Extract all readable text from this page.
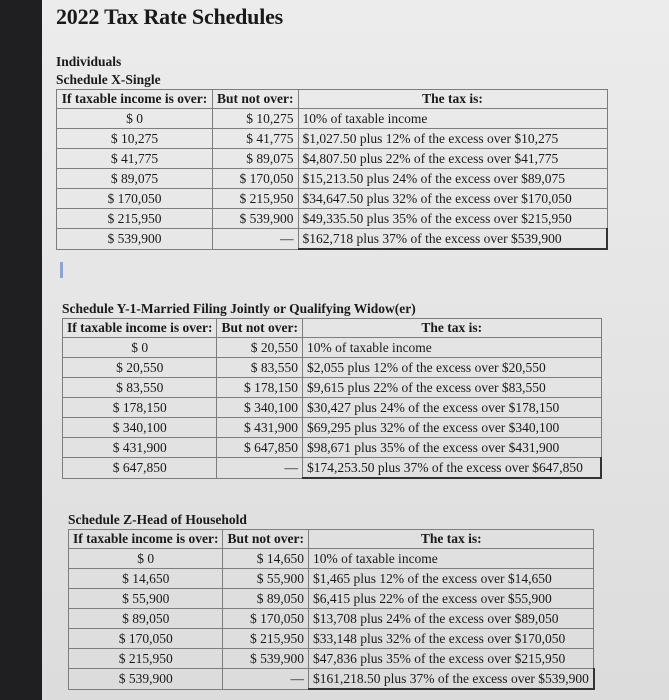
2022 Tax Rate Schedules
Individuals
Schedule X-Single
If taxable income is over:	But not over:	The tax is:
$ 0	$ 10,275	10% of taxable income
$ 10,275	$ 41,775	$1,027.50 plus 12% of the excess over $10,275
$ 41,775	$ 89,075	$4,807.50 plus 22% of the excess over $41,775
$ 89,075	$ 170,050	$15,213.50 plus 24% of the excess over $89,075
$ 170,050	$ 215,950	$34,647.50 plus 32% of the excess over $170,050
$ 215,950	$ 539,900	$49,335.50 plus 35% of the excess over $215,950
$ 539,900	—	$162,718 plus 37% of the excess over $539,900
Schedule Y-1-Married Filing Jointly or Qualifying Widow(er)
If taxable income is over:	But not over:	The tax is:
$ 0	$ 20,550	10% of taxable income
$ 20,550	$ 83,550	$2,055 plus 12% of the excess over $20,550
$ 83,550	$ 178,150	$9,615 plus 22% of the excess over $83,550
$ 178,150	$ 340,100	$30,427 plus 24% of the excess over $178,150
$ 340,100	$ 431,900	$69,295 plus 32% of the excess over $340,100
$ 431,900	$ 647,850	$98,671 plus 35% of the excess over $431,900
$ 647,850	—	$174,253.50 plus 37% of the excess over $647,850
Schedule Z-Head of Household
If taxable income is over:	But not over:	The tax is:
$ 0	$ 14,650	10% of taxable income
$ 14,650	$ 55,900	$1,465 plus 12% of the excess over $14,650
$ 55,900	$ 89,050	$6,415 plus 22% of the excess over $55,900
$ 89,050	$ 170,050	$13,708 plus 24% of the excess over $89,050
$ 170,050	$ 215,950	$33,148 plus 32% of the excess over $170,050
$ 215,950	$ 539,900	$47,836 plus 35% of the excess over $215,950
$ 539,900	—	$161,218.50 plus 37% of the excess over $539,900
